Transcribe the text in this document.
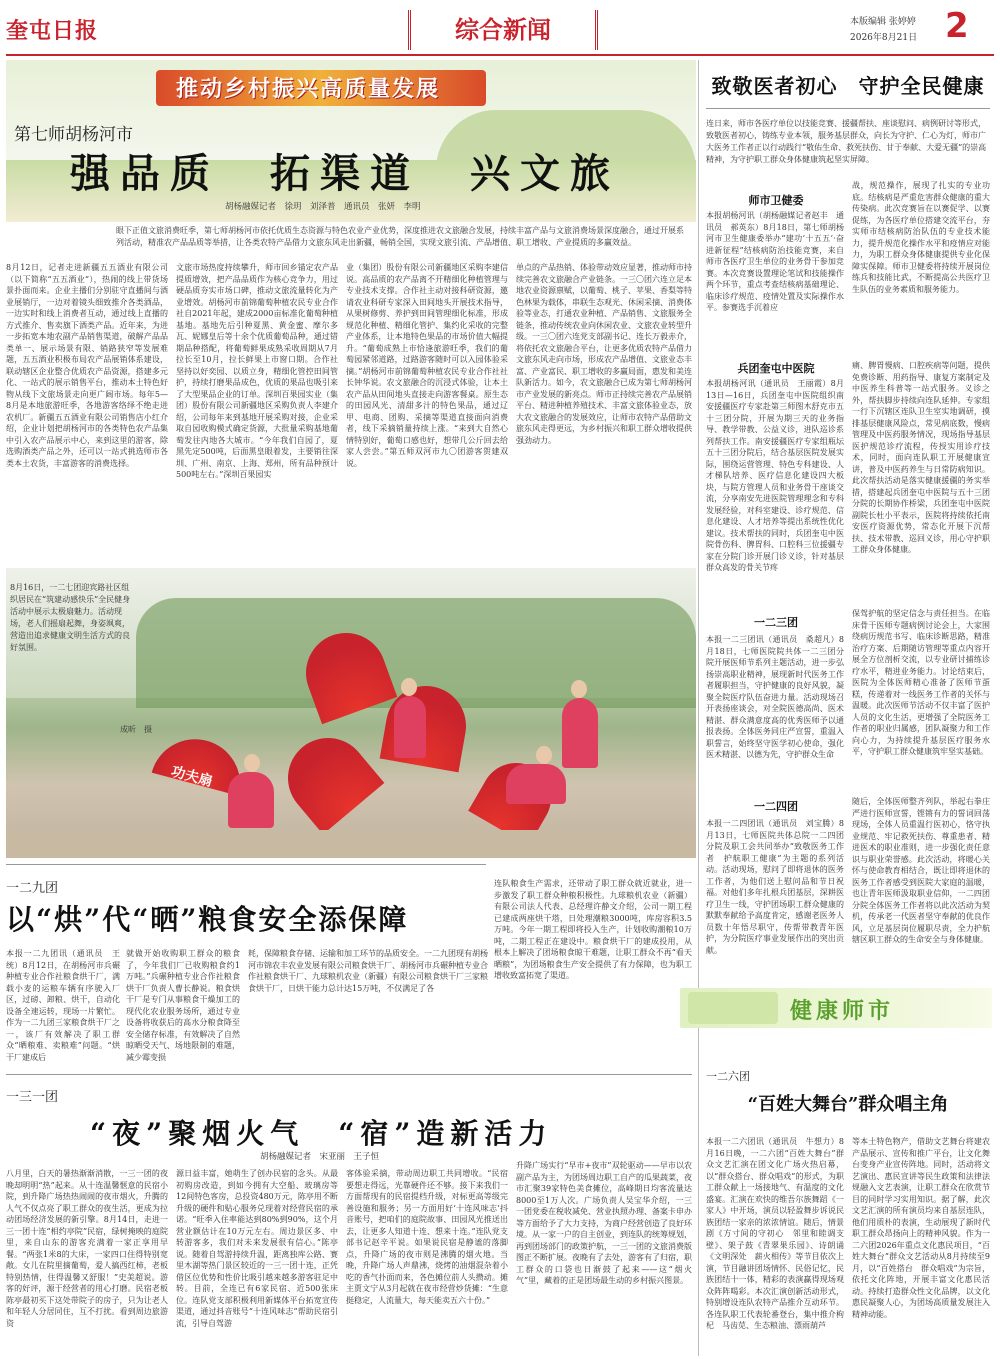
奎屯日报	综合新闻	本版编辑 张婷婷
2026年8月21日 2
推动乡村振兴高质量发展
第七师胡杨河市
强品质　拓渠道　兴文旅
胡杨融媒记者　徐玥　刘泽普　通讯员　张妍　李明
眼下正值文旅消费旺季，第七师胡杨河市依托优质生态资源与特色农业产业优势，深度推进农文旅融合发展，持续丰富产品与文旅消费场景深度融合，通过开展系列活动，精准农产品品质等举措，让各类农特产品借力文旅东风走出新疆，畅销全国，实现文旅引流、产品增值、职工增收、产业提质的多赢效益。
8月12日，记者走进新疆五五酒业有限公司（以下简称“五五酒业”），热闹的线上带货场景扑面而来。企业主播们分别驻守直播间与酒业展销厅，一边对着镜头细致推介各类酒品，一边实时和线上消费者互动，通过线上直播的方式推介、售卖旗下酒类产品。近年来，为进一步拓宽本地农副产品销售渠道，破解产品品类单一、展示场景有限、销路狭窄等发展难题，五五酒业积极布局农产品展销体系建设，联动辖区企业整合优质农产品资源，搭建多元化、一站式的展示销售平台，推动本土特色好物从线下文旅场景走向更广阔市场。每年5—8月是本地旅游旺季，各地游客络绎不绝走进农机厂。新疆五五酒业有限公司销售店小红介绍，企业计划把胡杨河市的各类特色农产品集中引入农产品展示中心，来到这里的游客，除选购酒类产品之外，还可以一站式挑选师市各类本土农货，丰富游客的消费选择。
文旅市场热度持续攀升，师市回乡锚定农产品提质增效，把产品品质作为核心竞争力，用过硬品质夯实市场口碑，推动文旅流量转化为产业增效。胡杨河市前锦葡萄种植农民专业合作社自2021年起，建成2000亩标准化葡萄种植基地。基地先后引种夏黑、黄金蜜、摩尔多瓦、妮娜皇后等十余个优质葡萄品种，通过错期品种搭配，将葡萄鲜果成熟采收周期从7月拉长至10月，拉长鲜果上市窗口期。合作社坚持以好奕园、以质立身，精细化管控田间管护，持续打磨果品成色，优质的果品也吸引来了大型果品企业的订单。深圳百果园实业（集团）股份有限公司新疆地区采购负责人李建介绍，公司每年来到基地开展采购对接，企业采取自园收购模式确定货源，大批量采购基地葡萄发往内地各大城市。“今年我们自园了，夏黑先定500吨，后面黑皇眼着发，主要销往深圳、广州、南京、上海、郑州，所有品种预计500吨左右。”深圳百果园实
业（集团）股份有限公司新疆地区采购李建信说。高品质的农产品离不开精细化种植管理与专业技术支撑。合作社主动对接科研资源，邀请农业科研专家深入田间地头开展技术指导，从果树修剪、养护到田间管理细化标准，形成规范化种植、精细化管护、集约化采收的完整产业体系，让本地特色果品的市场价值大幅提升。“葡萄成熟上市恰逢旅游旺季，我们的葡萄园紧邻道路，过路游客随时可以入园体验采摘。”胡杨河市前锦葡萄种植农民专业合作社社长钟华说。农文旅融合的沉浸式体验，让本土农产品从田间地头直接走向游客餐桌。原生态的田园风光、清甜多汁的特色果品，通过辽甲、电商、团购、采摘等渠道直接面向消费者，线下采摘销量持续上涨。“来到大自然心情特别好，葡萄口感也好，想带几公斤回去给家人尝尝。”第五师双河市九〇团游客贺建双说。
单点的产品热销、体验带动效应显著，推动师市持续完善农文旅融合产业链条。一三〇团六连立足本地农业资源禀赋，以葡萄、桃子、苹果、香梨等特色林果为载体，串联生态观光、休闲采摘、消费体验等业态，打通农业种植、产品销售、文旅服务全链条，推动传统农业向休闲农业、文旅农业转型升级。一三〇团六连党支部副书记、连长万毅赤介，将依托农文旅融合平台，让更多优质农特产品借力文旅东风走向市场，形成农产品增值、文旅业态丰富、产业富民、职工增收的多赢局面，惠发和美连队新活力。如今，农文旅融合已成为第七师胡杨河市产业发展的新亮点。师市正持续完善农产品展销平台、精进种植养殖技术、丰富文旅体验业态，放大农文旅融合的发展效应，让师市农特产品借助文旅东风走得更远，为乡村振兴和职工群众增收提供强劲动力。
功夫扇
8月16日，一二七团迎宾路社区组织居民在“筑建动感快乐”全民健身活动中展示太极扇魅力。活动现场，老人们摇扇起舞，身姿飒爽，营造出追求健康文明生活方式的良好氛围。
成昕　摄
一二九团
以“烘”代“晒”粮食安全添保障
本报一二九团讯（通讯员　王统）8月12日，在胡杨河市兵碾种植专业合作社粮食烘干厂，满载小麦的运粮车辆有序驶入厂区，过磅、卸粮、烘干，自动化设备全速运转，现场一片繁忙。作为一二九团三家粮食烘干厂之一，该厂有效解决了职工群众“晒粮难、卖粮难”问题。“烘干厂建成后
就做开始收购职工群众的粮食了，今年我们厂已收购粮食约1万吨。”兵碾种植专业合作社粮食烘干厂负责人曹长静说。粮食烘干厂是专门从事粮食干燥加工的现代化农业服务场所，通过专业设备将收获后的高水分粮食降至安全储存标准，有效解决了自然晾晒受天气、场地限制的难题，减少霉变损
耗，保障粮食存储、运输和加工环节的品质安全。一二九团现有胡杨河市锦农丰农业发展有限公司粮食烘干厂、胡杨河市兵碾种植专业合作社粮食烘干厂、九球粮机农业（新疆）有限公司粮食烘干厂三家粮食烘干厂，日烘干能力总计达15万吨，不仅满足了各
连队粮食生产需求，还带动了职工群众就近就业，进一步激发了职工群众种粮积极性。九球粮机农业（新疆）有限公司法人代表、总经理许静文介绍，公司一期工程已建成两座烘干塔，日处理潮粮3000吨，库房容积3.5万吨。今年一期工程即将投入生产，计划收购潮粮10万吨，二期工程正在建设中。粮食烘干厂的建成投用，从根本上解决了团场粮食晾干难题，让职工群众不再“看天晒粮”，为团场粮食生产安全提供了有力保障，也为职工增收致富拓宽了渠道。
一三一团
“夜”聚烟火气　“宿”造新活力
胡杨融媒记者　宋亚丽　王子恒
八月里，白天的暑热渐渐消散，一三一团的夜晚却明明“热”起来。从十连温馨惬意的民宿小院，到升降广场热热闹闹的夜市烟火，升腾的人气不仅点亮了职工群众的夜生活，更成为拉动团场经济发展的新引擎。8月14日，走进一三一团十连“相约亭院”民宿，绿树掩映的庭院里，来自山东的游客充满着一家正享用早餐。“两张1米8的大床，一家四口住得特别宽敞。女儿在院里摘葡萄，爱人搞西红柿，老板特别热情，住得温馨又舒服！”史美超说。游客的好评，源于经营者的用心打磨。民宿老板陈亭最初买下这处带院子的房子，只为让老人和年轻人分居同住，互不打扰。看到周边旅游资
源日益丰富，她萌生了创办民宿的念头。从最初购房改造，到如今拥有大空船、玻璃房等12间特色客房，总投资480万元，陈亭用不断升级的硬件和贴心服务兑现着对经营民宿的承诺。“旺季入住率能达到80%到90%，这个月营业额估计在10万元左右。周边景区多、中转游客多，我们对未来发展很有信心。”陈亭说。随着自驾游持续升温，距离独库公路、赛里木湖等热门景区较近的一三一团十连，正凭借区位优势和性价比吸引越来越多游客驻足中转。目前，全连已有6家民宿、近500张床位。连队党支部积极利用新媒体平台拓宽宣传渠道，通过抖音账号“十连风味志”帮助民宿引流，引导自驾游
客体验采摘，带动周边职工共同增收。“民宿要想走得远，光靠硬件还不够。接下来我们一方面帮现有的民宿提档升级，对标更高等级完善设施和服务；另一方面用好‘十连风味志’抖音账号，把咱们的庭院故事、田园风光推送出去，让更多人知道十连、想来十连。”连队党支部书记赵辛平说。如果说民宿是静谧的落脚点，升降广场的夜市则是沸腾的烟火地。当晚，升降广场人声鼎沸，烧烤的油烟混杂着小吃的香气扑面而来，各色摊位前人头攒动。摊主贾文宁从3月起就在夜市经营炒货摊：“生意挺稳定，人流量大，每天能卖五六十份。”
升降广场实行“早市+夜市”双轮驱动——早市以农副产品为主，为团场周边职工自产的瓜果蔬菜，夜市汇聚39家特色美食摊位，高峰期日均客流量达8000至1万人次。广场负责人吴宝华介绍，一三一团党委在税收减免、营业执照办理、备案卡申办等方面给予了大力支持，为商户经营创造了良好环境。从一家一户的自主创业，到连队的统筹规划，再到团场部门的政策护航，一三一团的文旅消费版图正不断扩展。夜晚有了去处，游客有了归宿，职工群众的口袋也日渐鼓了起来——这“烟火气”里，藏着的正是团场最生动的乡村振兴图景。
致敬医者初心　守护全民健康
连日来，师市各医疗单位以技能竞赛、援疆帮扶、座谈慰问、病例研讨等形式，致敬医者初心，铸练专业本领，服务基层群众，向长为守护、仁心为灯，师市广大医务工作者正以行动践行“敬佑生命、救死扶伤、甘于奉献、大爱无疆”的崇高精神，为守护职工群众身体健康筑起坚实屏障。
师市卫健委
本报胡杨河讯（胡杨融媒记者赵丰　通讯员　郝英东）8月18日，第七师胡杨河市卫生健康委举办“建功‘十五五’·奋进新征程”结核病防治技能竞赛，来自师市各医疗卫生单位的业务骨干参加竞赛。本次竞赛设置理论笔试和技能操作两个环节，重点考查结核病基础理论、临床诊疗规范、疫情处置及实际操作水平。参赛选手沉着应
战，规范操作，展现了扎实的专业功底。结核病是严重危害群众健康的重大传染病。此次竞赛旨在以赛促学、以赛促练，为各医疗单位搭建交流平台，夯实师市结核病防治队伍的专业技术能力，提升规范化操作水平和疫情应对能力，为职工群众身体健康提供专业化保障实保障。师市卫健委将持续开展岗位练兵和技能比武，不断提高公共医疗卫生队伍的业务素质和服务能力。
兵团奎屯中医院
本报胡杨河讯（通讯员　王丽霞）8月13日—16日，兵团奎屯中医院组织南安援疆医疗专家赴第三师图木舒克市五十三团分院，开展为期三天的业务指导、教学带教、公益义诊，进队巡诊系列帮扶工作。南安援疆医疗专家组瓶坛五十三团分院后，结合基层医院发展实际，围绕运营管理、特色专科建设、人才梯队培养、医疗信息化建设四大板块，与院方管理人员和业务骨干座谈交流，分享南安先进医院管理理念和专科发展经验，对科室建设、诊疗规范、信息化建设、人才培养等提出系统性优化建议。技术帮扶的同时，兵团奎屯中医院骨伤科、脾胃科、口腔科三位援疆专家在分院门诊开展门诊义诊，针对基层群众高发的骨关节疼
痛、脾胃慢病、口腔疾病等问题，提供免费诊断、用药指导、康复方案制定及中医养生科普等一站式服务。义诊之外，帮扶脚步持续向连队延伸。专家组一行下沉辖区连队卫生室实地调研，摸排基层健康风险点，常见病底数，慢病管理及中医药服务情况，现场指导基层医护规范诊疗流程，传授实用诊疗技术，同时，面向连队职工开展健康宣讲，普及中医药养生与日常防病知识。此次帮扶活动是落实健康援疆的务实举措，搭建起兵团奎屯中医院与五十三团分院的长期协作桥梁，兵团奎屯中医院副院长杜小平表示，医院将持续依托南安医疗资源优势，常态化开展下沉帮扶、技术带教、巡回义诊，用心守护职工群众身体健康。
一二三团
本报一二三团讯（通讯员　桑超凡）8月18日，七师医院院共体一二三团分院开展医师节系列主题活动，进一步弘扬崇高职业精神，展现新时代医务工作者履职担当，守护健康的良好风貌，凝聚全院医疗队伍奋进力量。活动现场召开表扬座谈会，对全院医德高尚、医术精湛、群众满意度高的优秀医师予以通报表扬。全体医务同庄严宣誓，重温入职誓言，始终坚守医学初心使命，强化医术精湛、以德为先，守护群众生命
保驾护航的坚定信念与责任担当。在临床骨干医师专题病例讨论会上，大家围绕病历规范书写、临床诊断思路，精准治疗方案、后期随访管理等重点内容开展全方位剖析交流，以专业研讨捕练诊疗水平，精进业务能力。讨论结束后，医院为全体医师精心准备了医师节蛋糕，传递着对一线医务工作者的关怀与温暖。此次医师节活动不仅丰富了医护人员的文化生活，更增强了全院医务工作者的职业归属感，团队凝聚力和工作向心力，为持续提升基层医疗服务水平，守护职工群众健康筑牢坚实基础。
一二四团
本报一二四团讯（通讯员　刘宝腾）8月13日，七师医院共体总院一二四团分院及职工会共同举办“致敬医务工作者　护航职工健康”为主题的系列活动。活动现场，慰问了即将退休的医务工作者，为他们送上慰问品和节日祝福。对他们多年扎根兵团基层，深耕医疗卫生一线，守护团场职工群众健康的默默奉献给予高度肯定，感谢老医务人员数十年悟尽职守，传帮带教青年医护，为分院医疗事业发展作出的突出贡献。
随后，全体医师整齐列队，举起右拳庄严进行医师宣誓，铿锵有力的誓词回荡现场，全体人员重温行医初心，恪守执业规范、牢记救死扶伤、尊重患者、精进医术的职业准则，进一步强化责任意识与职业荣誉感。此次活动，将暖心关怀与使命教育相结合，既让即将退休的医务工作者感受到医院大家庭的温暖，也让青年医师汲取职业信仰，一二四团分院全体医务工作者将以此次活动为契机，传承老一代医者坚守奉献的优良作风，立足基层岗位履职尽责，全力护航辖区职工群众的生命安全与身体健康。
健康师市
一二六团
“百姓大舞台”群众唱主角
本报一二六团讯（通讯员　牛想力）8月16日晚，一二六团“百姓大舞台”群众文艺汇演在团文化广场火热启幕，以“群众搭台、群众唱戏”的形式，为职工群众献上一场接地气、有温度的文化盛宴。汇演在欢快的维吾尔族舞蹈《一家人》中开场，演员以轻盈舞步诉说民族团结一家亲的浓浓情谊。随后，情景剧《方寸间的守初心　邻里和睦调支壁》、架子鼓《青翠果乐园》、诗朗诵《文明深处　薪火相传》等节目依次上演，节目融讲团场情怀、民俗记忆，民族团结十一体，精彩的表演赢得现场观众阵阵喝彩。本次汇演创新活动形式，特别增设连队农特产品推介互动环节。各连队职工代表轮番登台，集中推介枸杞　马齿苋、生态粮油、漂雨葫芦
等本土特色物产，借助文艺舞台将建农产品展示、宣传和推广平台，让文化舞台变身产业宣传阵地。同时，活动将文艺演出、惠民宣讲等民生政策和法律法规融入文艺表演，让职工群众在欣赏节目的同时学习实用知识。据了解，此次文艺汇演的所有演员均来自基层连队，他们用质朴的表演，生动展现了新时代职工群众昂扬向上的精神风貌。作为一二六团2026年重点文化惠民项目，“百姓大舞台”群众文艺活动从8月持续至9月，以“百姓搭台　群众唱戏”为宗旨，依托文化阵地，开展丰富文化惠民活动。持续打造群众性文化品牌，以文化惠民凝聚人心，为团场高质量发展注入精神动能。
